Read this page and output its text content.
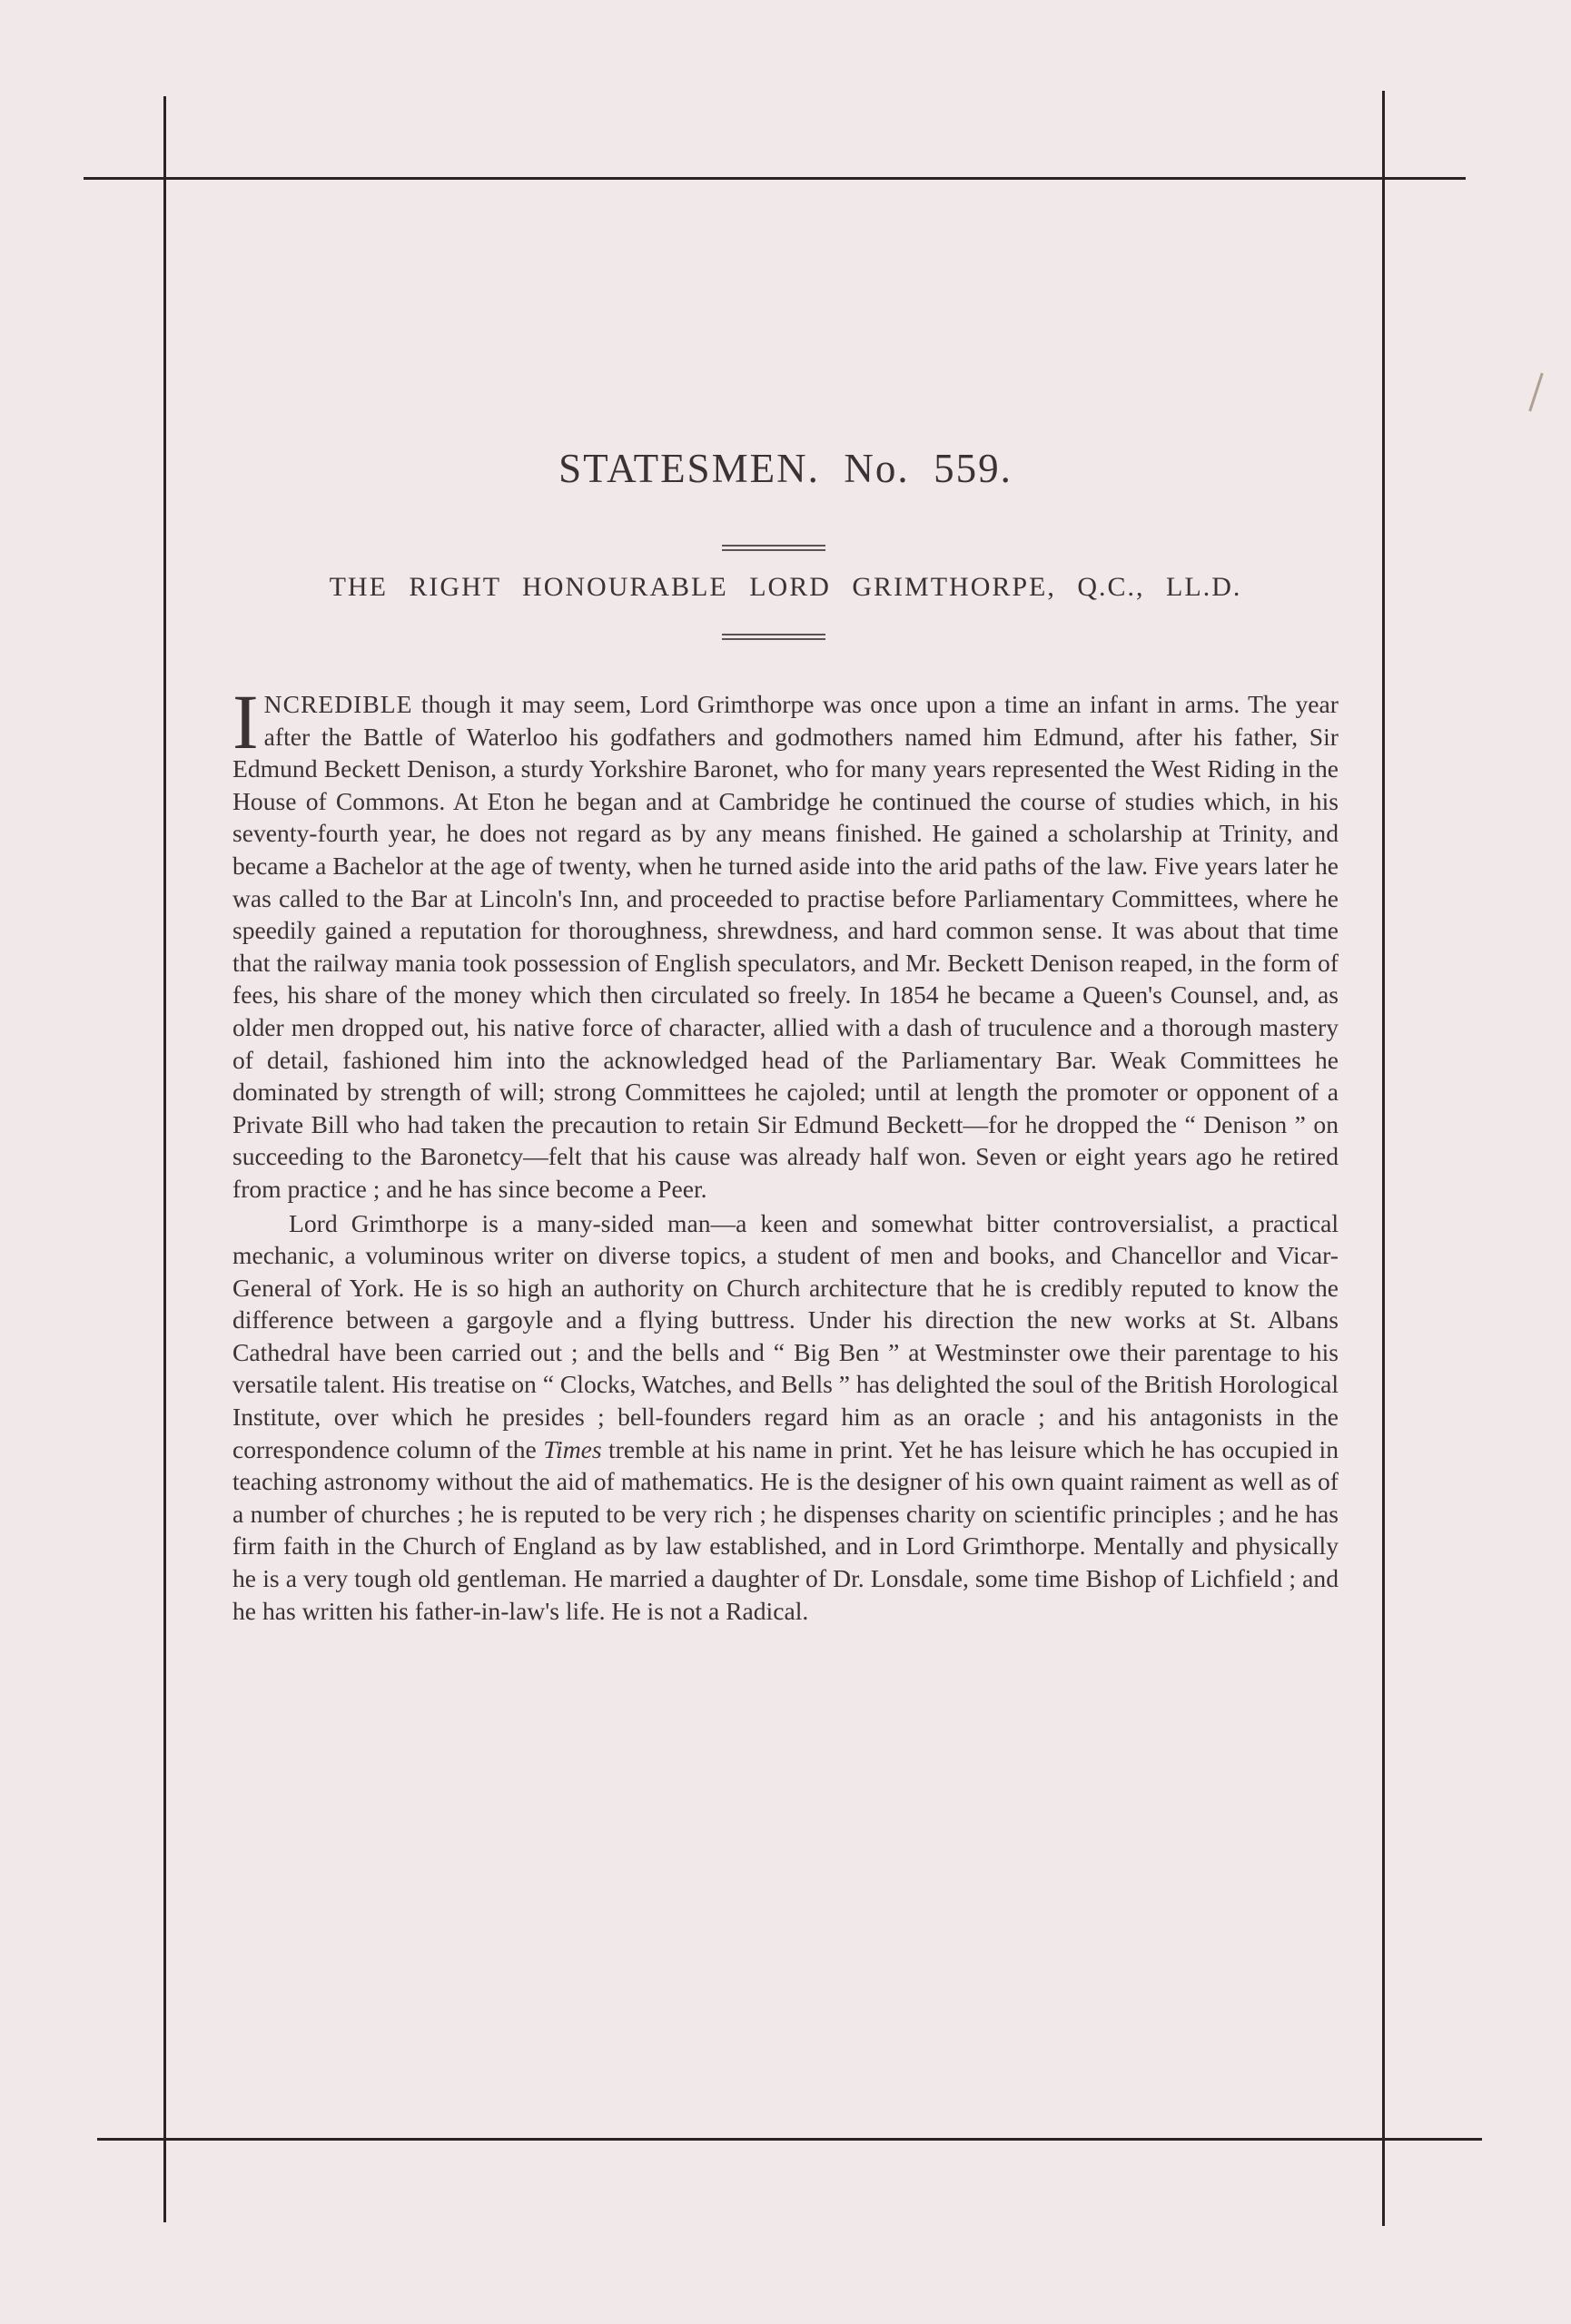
STATESMEN. No. 559.
THE RIGHT HONOURABLE LORD GRIMTHORPE, Q.C., LL.D.

INCREDIBLE though it may seem, Lord Grimthorpe was once upon a time an infant in arms. The year after the Battle of Waterloo his godfathers and godmothers named him Edmund, after his father, Sir Edmund Beckett Denison, a sturdy Yorkshire Baronet, who for many years represented the West Riding in the House of Commons. At Eton he began and at Cambridge he continued the course of studies which, in his seventy-fourth year, he does not regard as by any means finished. He gained a scholarship at Trinity, and became a Bachelor at the age of twenty, when he turned aside into the arid paths of the law. Five years later he was called to the Bar at Lincoln's Inn, and proceeded to practise before Parliamentary Committees, where he speedily gained a reputation for thoroughness, shrewdness, and hard common sense. It was about that time that the railway mania took possession of English speculators, and Mr. Beckett Denison reaped, in the form of fees, his share of the money which then circulated so freely. In 1854 he became a Queen's Counsel, and, as older men dropped out, his native force of character, allied with a dash of truculence and a thorough mastery of detail, fashioned him into the acknowledged head of the Parliamentary Bar. Weak Committees he dominated by strength of will; strong Committees he cajoled; until at length the promoter or opponent of a Private Bill who had taken the precaution to retain Sir Edmund Beckett—for he dropped the “ Denison ” on succeeding to the Baronetcy—felt that his cause was already half won. Seven or eight years ago he retired from practice ; and he has since become a Peer.

Lord Grimthorpe is a many-sided man—a keen and somewhat bitter controversialist, a practical mechanic, a voluminous writer on diverse topics, a student of men and books, and Chancellor and Vicar-General of York. He is so high an authority on Church architecture that he is credibly reputed to know the difference between a gargoyle and a flying buttress. Under his direction the new works at St. Albans Cathedral have been carried out ; and the bells and “ Big Ben ” at Westminster owe their parentage to his versatile talent. His treatise on “ Clocks, Watches, and Bells ” has delighted the soul of the British Horological Institute, over which he presides ; bell-founders regard him as an oracle ; and his antagonists in the correspondence column of the Times tremble at his name in print. Yet he has leisure which he has occupied in teaching astronomy without the aid of mathematics. He is the designer of his own quaint raiment as well as of a number of churches ; he is reputed to be very rich ; he dispenses charity on scientific principles ; and he has firm faith in the Church of England as by law established, and in Lord Grimthorpe. Mentally and physically he is a very tough old gentleman. He married a daughter of Dr. Lonsdale, some time Bishop of Lichfield ; and he has written his father-in-law's life. He is not a Radical.
